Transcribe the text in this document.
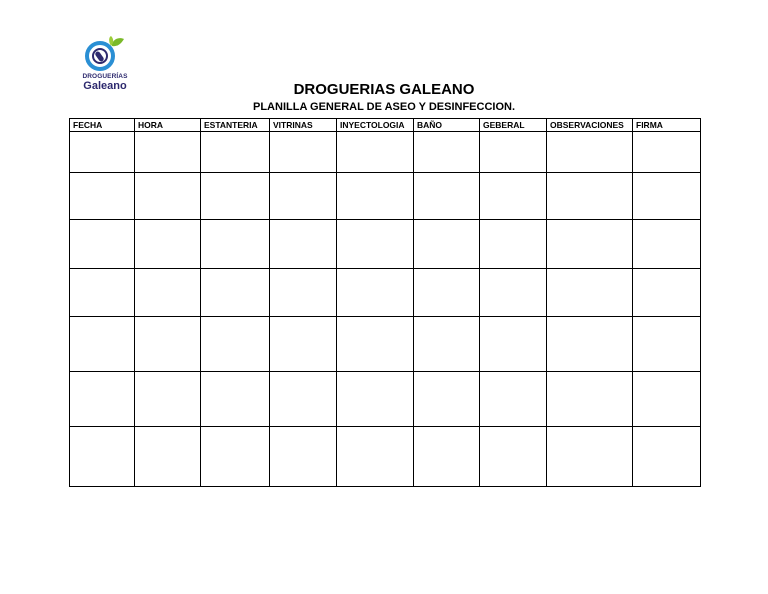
DROGUERÍAS
Galeano	DROGUERIAS GALEANO
PLANILLA GENERAL DE ASEO Y DESINFECCION.
FECHA	HORA	ESTANTERIA	VITRINAS	INYECTOLOGIA	BAÑO	GEBERAL	OBSERVACIONES	FIRMA
